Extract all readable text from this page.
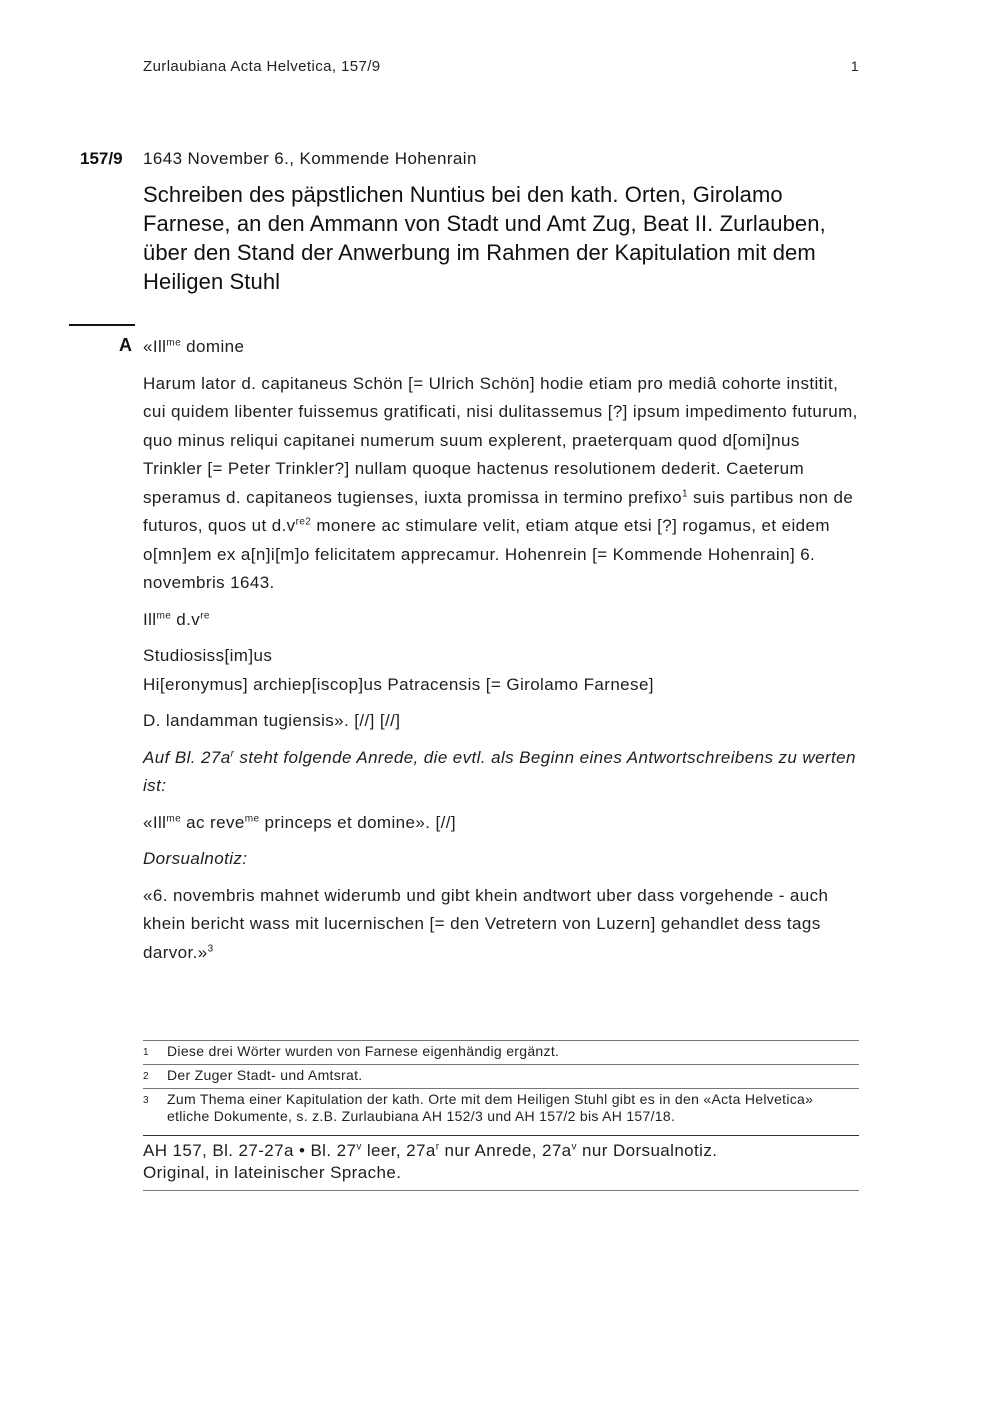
Zurlaubiana Acta Helvetica, 157/9	1
157/9 1643 November 6., Kommende Hohenrain
Schreiben des päpstlichen Nuntius bei den kath. Orten, Girolamo Farnese, an den Ammann von Stadt und Amt Zug, Beat II. Zurlauben, über den Stand der Anwerbung im Rahmen der Kapitulation mit dem Heiligen Stuhl
A «Ill$^{me}$ domine

Harum lator d. capitaneus Schön [= Ulrich Schön] hodie etiam pro mediâ cohorte institit, cui quidem libenter fuissemus gratificati, nisi dulitassemus [?] ipsum impedimento futurum, quo minus reliqui capitanei numerum suum explerent, praeterquam quod d[omi]nus Trinkler [= Peter Trinkler?] nullam quoque hactenus resolutionem dederit. Caeterum speramus d. capitaneos tugienses, iuxta promissa in termino prefixo$^1$ suis partibus non de futuros, quos ut $d.v^{re2}$ monere ac stimulare velit, etiam atque etsi [?] rogamus, et eidem o[mn]em ex a[n]i[m]o felicitatem apprecamur. Hohenrein [= Kommende Hohenrain] 6. novembris 1643.

Ill$^{me}$ $d.v^{re}$

Studiosiss[im]us

Hi[eronymus] archiep[iscop]us Patracensis [= Girolamo Farnese]

D. landamman tugiensis». [//] [//]

Auf Bl. $27a^r$ steht folgende Anrede, die evtl. als Beginn eines Antwortschreibens zu werten ist:

«Ill$^{me}$ ac reve$^{me}$ princeps et domine». [//]

Dorsualnotiz:

«6. novembris mahnet widerumb und gibt khein andtwort uber dass vorgehende - auch khein bericht wass mit lucernischen [= den Vetretern von Luzern] gehandlet dess tags darvor.»$^3$

1	Diese drei Wörter wurden von Farnese eigenhändig ergänzt.
2	Der Zuger Stadt- und Amtsrat.
3	Zum Thema einer Kapitulation der kath. Orte mit dem Heiligen Stuhl gibt es in den «Acta Helvetica» etliche Dokumente, s. z.B. Zurlaubiana AH 152/3 und AH 157/2 bis AH 157/18.
AH 157, Bl. 27-27a • Bl. 27$^v$ leer, $27a^r$ nur Anrede, $27a^v$ nur Dorsualnotiz.
Original, in lateinischer Sprache.
